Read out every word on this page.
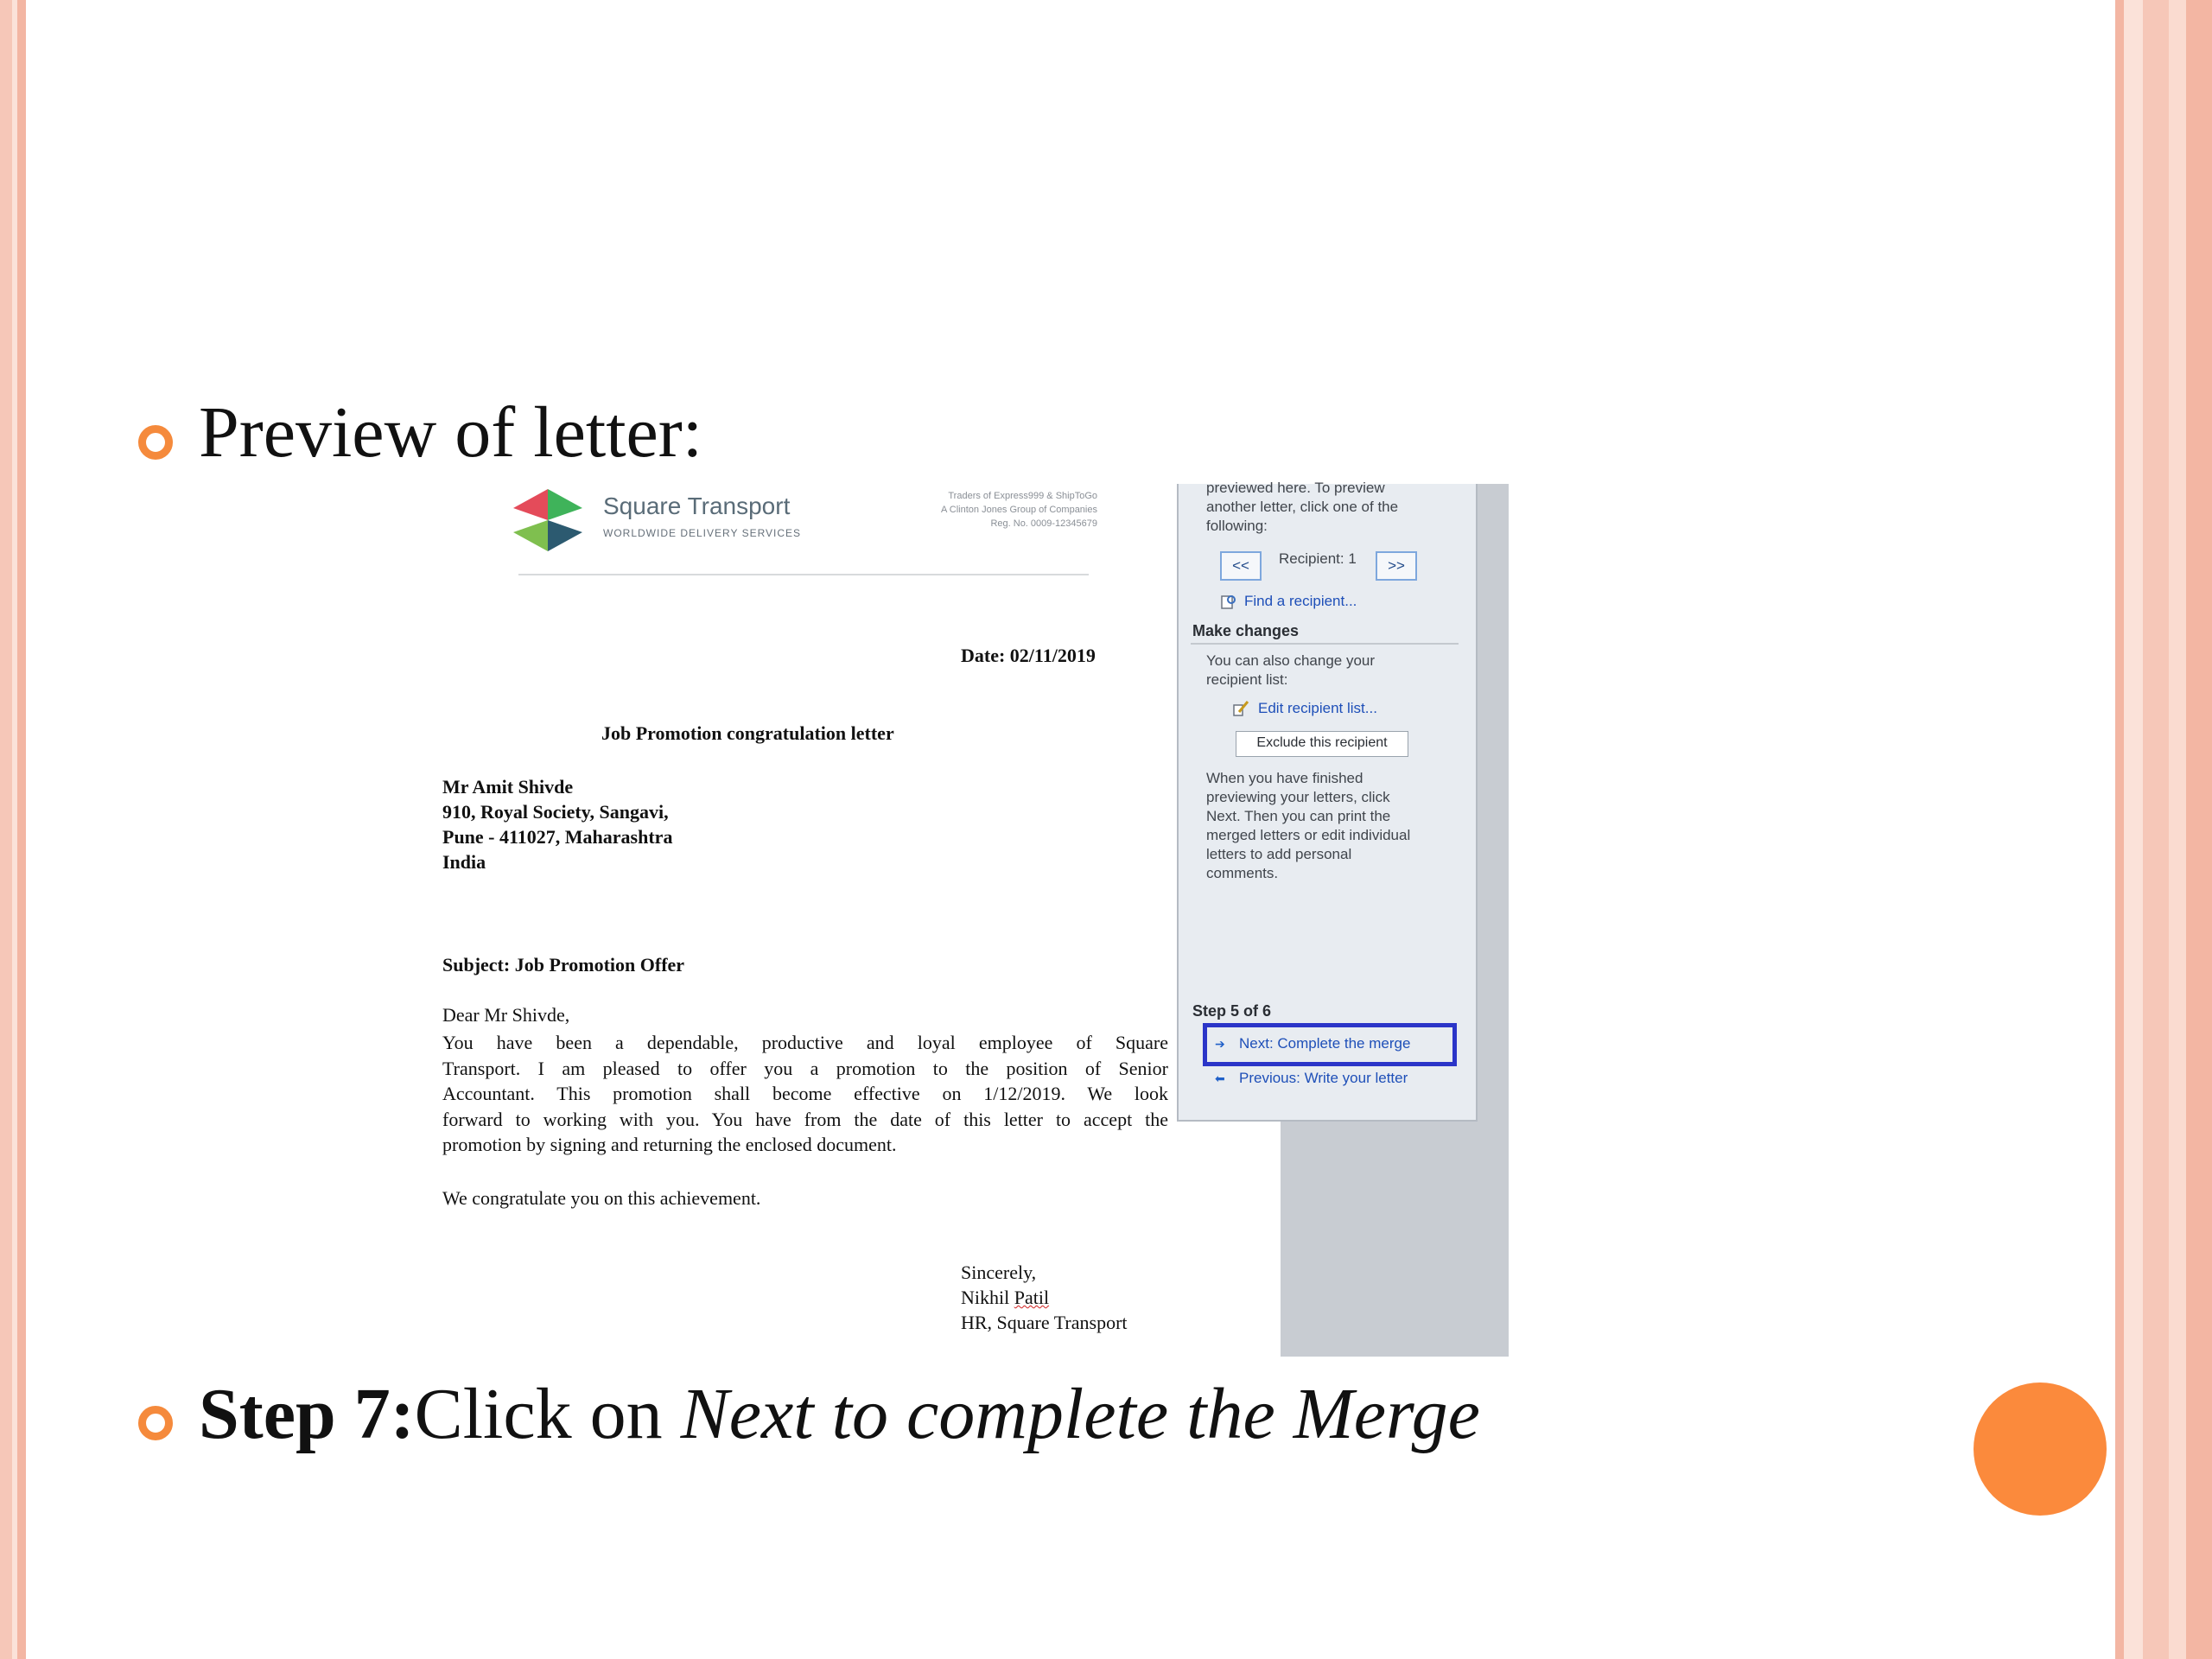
Preview of letter:
Square Transport
WORLDWIDE DELIVERY SERVICES
Traders of Express999 & ShipToGo
A Clinton Jones Group of Companies
Reg. No. 0009-12345679
Date: 02/11/2019
Job Promotion congratulation letter
Mr Amit Shivde
910, Royal Society, Sangavi,
Pune - 411027, Maharashtra
India
Subject: Job Promotion Offer
Dear Mr Shivde,
You have been a dependable, productive and loyal employee of Square
Transport. I am pleased to offer you a promotion to the position of Senior
Accountant. This promotion shall become effective on 1/12/2019. We look
forward to working with you. You have from the date of this letter to accept the
promotion by signing and returning the enclosed document.
We congratulate you on this achievement.
Sincerely,
Nikhil Patil
HR, Square Transport
previewed here. To preview
another letter, click one of the
following:
<<	Recipient: 1	>>
Find a recipient...
Make changes
You can also change your
recipient list:
Edit recipient list...
Exclude this recipient
When you have finished
previewing your letters, click
Next. Then you can print the
merged letters or edit individual
letters to add personal
comments.
Step 5 of 6
➔ Next: Complete the merge
⬅ Previous: Write your letter
Step 7:Click on Next to complete the Merge
